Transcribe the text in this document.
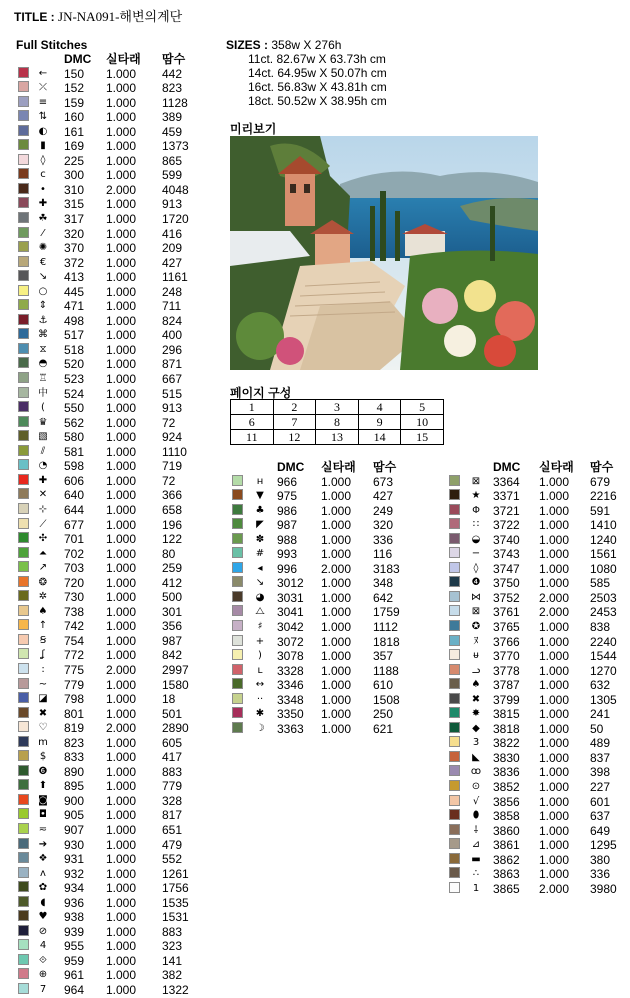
TITLE : JN-NA091-해변의계단
Full Stitches
DMC 실타래 땀수
←	150 1.000 442
⤫	152 1.000 823
≡	159 1.000 1128
⇅	160 1.000 389
◐	161 1.000 459
▮	169 1.000 1373
◊	225 1.000 865
c	300 1.000 599
•	310 2.000 4048
✚	315 1.000 913
☘ 317 1.000 1720
⁄	320 1.000 416
✺	370 1.000 209
€	372 1.000 427
↘	413 1.000 1161
○	445 1.000 248
⇕	471 1.000 711
⚓ 498 1.000 824
⌘ 517 1.000 400
⧖	518 1.000 296
◓	520 1.000 871
♖ 523 1.000 667
中 524 1.000 515
(	550 1.000 913
♛ 562 1.000 72
▧ 580 1.000 924
⫽	581 1.000 1110
◔	598 1.000 719
✚	606 1.000 72
✕	640 1.000 366
⊹	644 1.000 658
⟋	677 1.000 196
✣	701 1.000 122
⏶	702 1.000 80
↗	703 1.000 259
❂	720 1.000 412
✲	730 1.000 500
♠ 738 1.000 301
↑	742 1.000 356
Ꞩ	754 1.000 987
ʆ	772 1.000 842
:	775 2.000 2997
~	779 1.000 1580
◪ 798 1.000 18
✖	801 1.000 501
♡ 819 2.000 2890
m 823 1.000 605
$	833 1.000 417
❻ 890 1.000 883
⬆	895 1.000 779
◙ 900 1.000 328
◘	905 1.000 817
≂	907 1.000 651
➔	930 1.000 479
❖ 931 1.000 552
ᴧ	932 1.000 1261
✿	934 1.000 1756
◖	936 1.000 1535
♥ 938 1.000 1531
⊘	939 1.000 883
4	955 1.000 323
⟐	959 1.000 141
⊕	961 1.000 382
7	964 1.000 1322
SIZES : 358w X 276h
11ct. 82.67w X 63.73h cm
14ct. 64.95w X 50.07h cm
16ct. 56.83w X 43.81h cm
18ct. 50.52w X 38.95h cm
미리보기
페이지 구성
1	2	3	4	5
6	7	8	9	10
11	12	13	14	15
DMC 실타래 땀수
ʜ	966 1.000 673
▼	975 1.000 427
♣ 986 1.000 249
◤	987 1.000 320
✽	988 1.000 336
#	993 1.000 116
◂	996 2.000 3183
↘	3012 1.000 348
◕	3031 1.000 642
⧍ 3041 1.000 1759
♯	3042 1.000 1112
+	3072 1.000 1818
)	3078 1.000 357
ʟ	3328 1.000 1188
↔	3346 1.000 610
··	3348 1.000 1508
✱	3350 1.000 250
☽ 3363 1.000 621
DMC 실타래 땀수
⊠	3364 1.000 679
★ 3371 1.000 2216
Φ	3721 1.000 591
∷	3722 1.000 1410
◒	3740 1.000 1240
−	3743 1.000 1561
◊	3747 1.000 1080
❹ 3750 1.000 585
⋈ 3752 2.000 2503
⊠	3761 2.000 2453
✪	3765 1.000 838
ﾇ	3766 1.000 2240
ᵾ	3770 1.000 1544
ᓗ	3778 1.000 1270
♠ 3787 1.000 632
✖	3799 1.000 1305
✸	3815 1.000 241
◆	3818 1.000 50
3	3822 1.000 489
◣	3830 1.000 837
ꝏ 3836 1.000 398
⊙	3852 1.000 227
√	3856 1.000 601
⬮	3858 1.000 637
⸸	3860 1.000 649
⊿	3861 1.000 1295
▬ 3862 1.000 380
∴	3863 1.000 336
1	3865 2.000 3980
